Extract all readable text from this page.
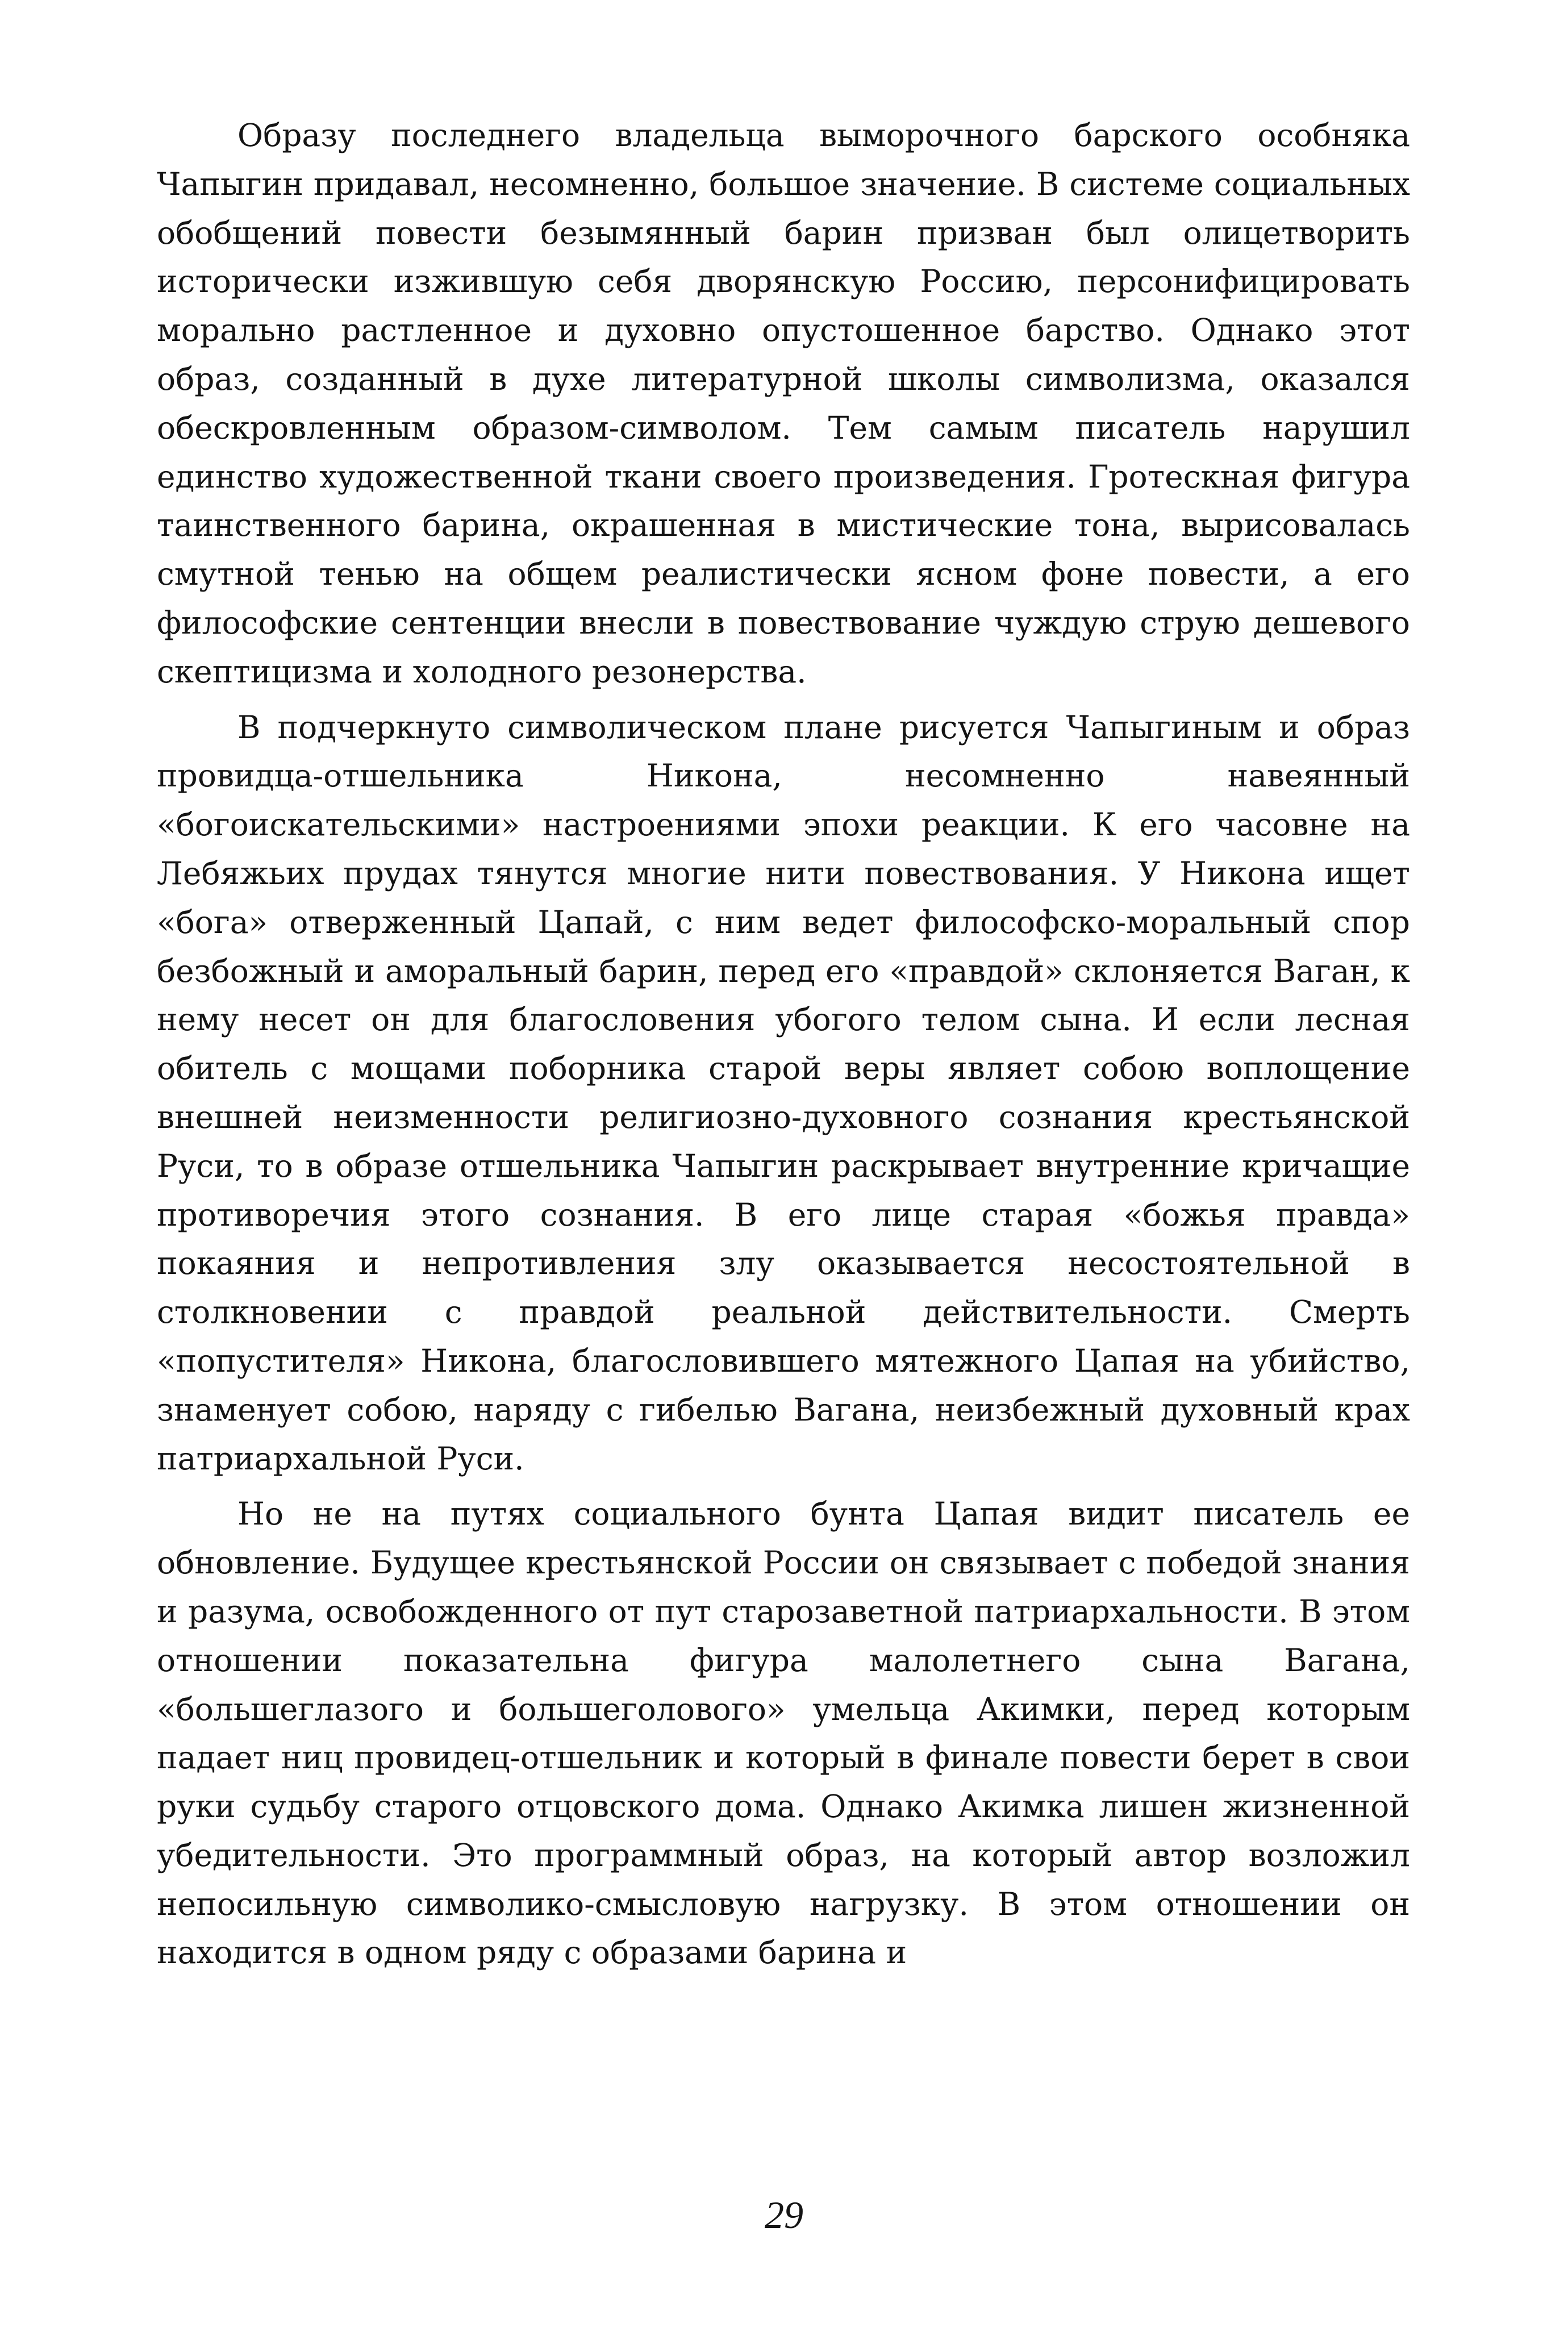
Образу последнего владельца выморочного барского особняка Чапыгин придавал, несомненно, большое значение. В системе социальных обобщений повести безымянный барин призван был олицетворить исторически изжившую себя дворянскую Россию, персонифицировать морально растленное и духовно опустошенное барство. Однако этот образ, созданный в духе литературной школы символизма, оказался обескровленным образом-символом. Тем самым писатель нарушил единство художественной ткани своего произведения. Гротескная фигура таинственного барина, окрашенная в мистические тона, вырисовалась смутной тенью на общем реалистически ясном фоне повести, а его философские сентенции внесли в повествование чуждую струю дешевого скептицизма и холодного резонерства.

В подчеркнуто символическом плане рисуется Чапыгиным и образ провидца-отшельника Никона, несомненно навеянный «богоискательскими» настроениями эпохи реакции. К его часовне на Лебяжьих прудах тянутся многие нити повествования. У Никона ищет «бога» отверженный Цапай, с ним ведет философско-моральный спор безбожный и аморальный барин, перед его «правдой» склоняется Ваган, к нему несет он для благословения убогого телом сына. И если лесная обитель с мощами поборника старой веры являет собою воплощение внешней неизменности религиозно-духовного сознания крестьянской Руси, то в образе отшельника Чапыгин раскрывает внутренние кричащие противоречия этого сознания. В его лице старая «божья правда» покаяния и непротивления злу оказывается несостоятельной в столкновении с правдой реальной действительности. Смерть «попустителя» Никона, благословившего мятежного Цапая на убийство, знаменует собою, наряду с гибелью Вагана, неизбежный духовный крах патриархальной Руси.

Но не на путях социального бунта Цапая видит писатель ее обновление. Будущее крестьянской России он связывает с победой знания и разума, освобожденного от пут старозаветной патриархальности. В этом отношении показательна фигура малолетнего сына Вагана, «большеглазого и большеголового» умельца Акимки, перед которым падает ниц провидец-отшельник и который в финале повести берет в свои руки судьбу старого отцовского дома. Однако Акимка лишен жизненной убедительности. Это программный образ, на который автор возложил непосильную символико-смысловую нагрузку. В этом отношении он находится в одном ряду с образами барина и

29
